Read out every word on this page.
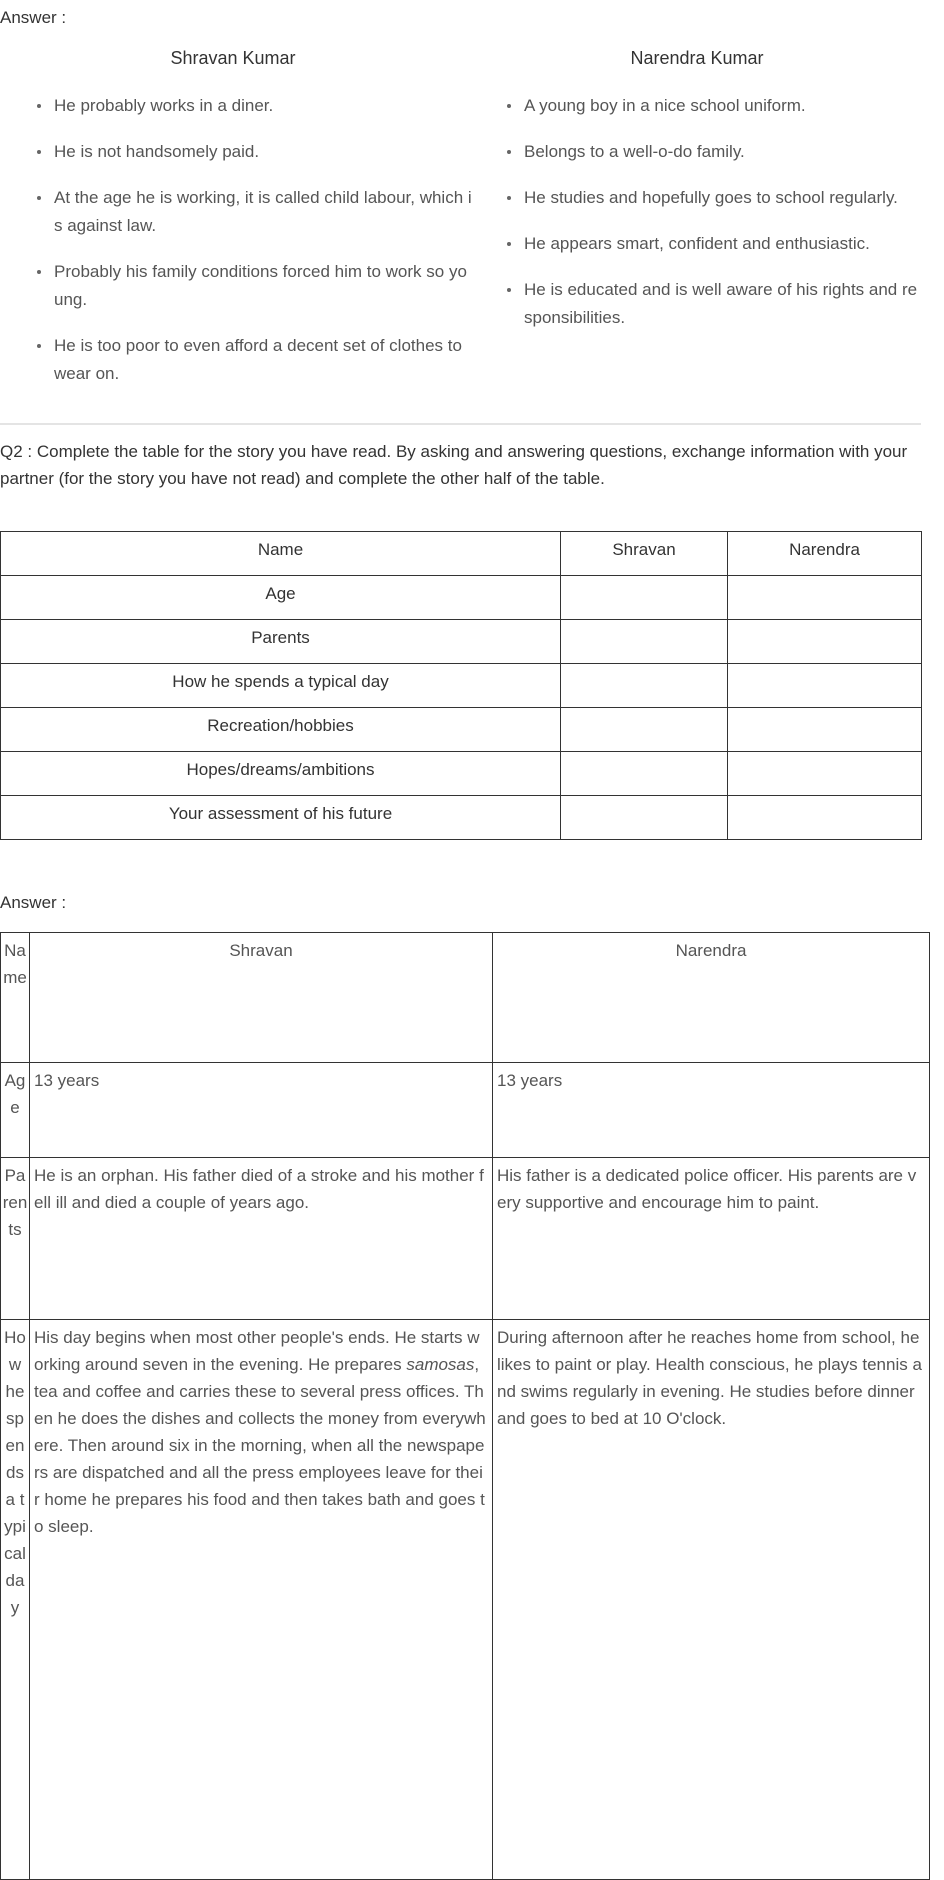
Answer :
Shravan Kumar	Narendra Kumar
He probably works in a diner.
He is not handsomely paid.
At the age he is working, it is called child labour, which is against law.
Probably his family conditions forced him to work so young.
He is too poor to even afford a decent set of clothes to wear on.
A young boy in a nice school uniform.
Belongs to a well-o-do family.
He studies and hopefully goes to school regularly.
He appears smart, confident and enthusiastic.
He is educated and is well aware of his rights and responsibilities.
Q2 : Complete the table for the story you have read. By asking and answering questions, exchange information with your partner (for the story you have not read) and complete the other half of the table.
Name	Shravan	Narendra
Age		
Parents		
How he spends a typical day		
Recreation/hobbies		
Hopes/dreams/ambitions		
Your assessment of his future		
Answer :
Name	Shravan	Narendra
Age	13 years	13 years
Parents	He is an orphan. His father died of a stroke and his mother fell ill and died a couple of years ago.	His father is a dedicated police officer. His parents are very supportive and encourage him to paint.
How he spends a typical day	His day begins when most other people's ends. He starts working around seven in the evening. He prepares samosas, tea and coffee and carries these to several press offices. Then he does the dishes and collects the money from everywhere. Then around six in the morning, when all the newspapers are dispatched and all the press employees leave for their home he prepares his food and then takes bath and goes to sleep.	During afternoon after he reaches home from school, he likes to paint or play. Health conscious, he plays tennis and swims regularly in evening. He studies before dinner and goes to bed at 10 O'clock.
